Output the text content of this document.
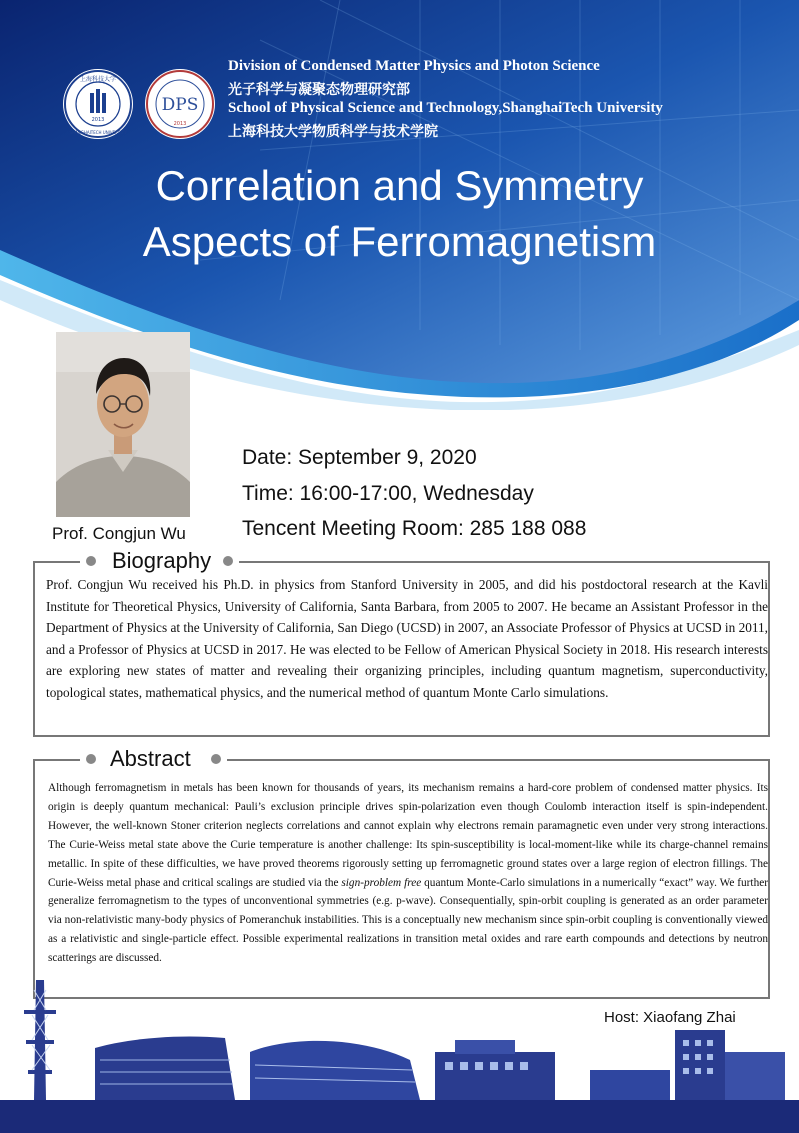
上海科技大学
SHANGHAITECH UNIVERSITY
2013
DPS
2013
Division of Condensed Matter Physics and Photon Science
光子科学与凝聚态物理研究部
School of Physical Science and Technology,ShanghaiTech University
上海科技大学物质科学与技术学院
Correlation and Symmetry
Aspects of Ferromagnetism
Prof. Congjun Wu
Date: September 9, 2020
Time: 16:00-17:00, Wednesday
Tencent Meeting Room: 285 188 088
Biography
Prof. Congjun Wu received his Ph.D. in physics from Stanford University in 2005, and did his postdoctoral research at the Kavli Institute for Theoretical Physics, University of California, Santa Barbara, from 2005 to 2007. He became an Assistant Professor in the Department of Physics at the University of California, San Diego (UCSD) in 2007, an Associate Professor of Physics at UCSD in 2011, and a Professor of Physics at UCSD in 2017. He was elected to be Fellow of American Physical Society in 2018. His research interests are exploring new states of matter and revealing their organizing principles, including quantum magnetism, superconductivity, topological states, mathematical physics, and the numerical method of quantum Monte Carlo simulations.
Abstract
Although ferromagnetism in metals has been known for thousands of years, its mechanism remains a hard-core problem of condensed matter physics. Its origin is deeply quantum mechanical: Pauli’s exclusion principle drives spin-polarization even though Coulomb interaction itself is spin-independent. However, the well-known Stoner criterion neglects correlations and cannot explain why electrons remain paramagnetic even under very strong interactions. The Curie-Weiss metal state above the Curie temperature is another challenge: Its spin-susceptibility is local-moment-like while its charge-channel remains metallic. In spite of these difficulties, we have proved theorems rigorously setting up ferromagnetic ground states over a large region of electron fillings. The Curie-Weiss metal phase and critical scalings are studied via the sign-problem free quantum Monte-Carlo simulations in a numerically “exact” way. We further generalize ferromagnetism to the types of unconventional symmetries (e.g. p-wave). Consequentially, spin-orbit coupling is generated as an order parameter via non-relativistic many-body physics of Pomeranchuk instabilities. This is a conceptually new mechanism since spin-orbit coupling is conventionally viewed as a relativistic and single-particle effect. Possible experimental realizations in transition metal oxides and rare earth compounds and detections by neutron scatterings are discussed.
Host: Xiaofang Zhai
